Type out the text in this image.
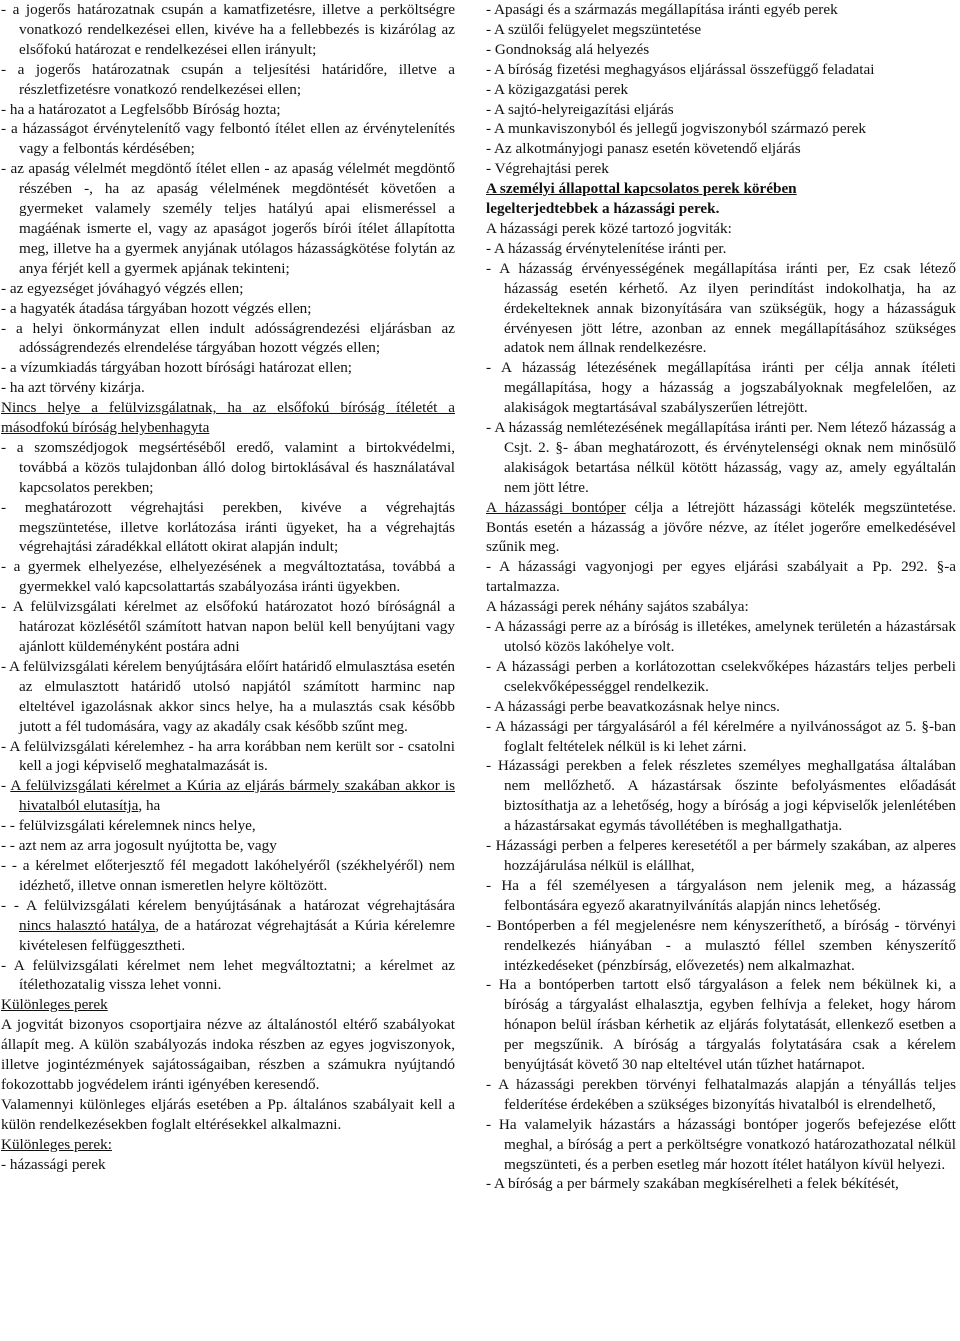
- a jogerős határozatnak csupán a kamatfizetésre, illetve a perköltségre vonatkozó rendelkezései ellen, kivéve ha a fellebbezés is kizárólag az elsőfokú határozat e rendelkezései ellen irányult;

- a jogerős határozatnak csupán a teljesítési határidőre, illetve a részletfizetésre vonatkozó rendelkezései ellen;

- ha a határozatot a Legfelsőbb Bíróság hozta;

- a házasságot érvénytelenítő vagy felbontó ítélet ellen az érvénytelenítés vagy a felbontás kérdésében;

- az apaság vélelmét megdöntő ítélet ellen - az apaság vélelmét megdöntő részében -, ha az apaság vélelmének megdöntését követően a gyermeket valamely személy teljes hatályú apai elismeréssel a magáénak ismerte el, vagy az apaságot jogerős bírói ítélet állapította meg, illetve ha a gyermek anyjának utólagos házasságkötése folytán az anya férjét kell a gyermek apjának tekinteni;

- az egyezséget jóváhagyó végzés ellen;

- a hagyaték átadása tárgyában hozott végzés ellen;

- a helyi önkormányzat ellen indult adósságrendezési eljárásban az adósságrendezés elrendelése tárgyában hozott végzés ellen;

- a vízumkiadás tárgyában hozott bírósági határozat ellen;

- ha azt törvény kizárja.

Nincs helye a felülvizsgálatnak, ha az elsőfokú bíróság ítéletét a másodfokú bíróság helybenhagyta

- a szomszédjogok megsértéséből eredő, valamint a birtokvédelmi, továbbá a közös tulajdonban álló dolog birtoklásával és használatával kapcsolatos perekben;

- meghatározott végrehajtási perekben, kivéve a végrehajtás megszüntetése, illetve korlátozása iránti ügyeket, ha a végrehajtás végrehajtási záradékkal ellátott okirat alapján indult;

- a gyermek elhelyezése, elhelyezésének a megváltoztatása, továbbá a gyermekkel való kapcsolattartás szabályozása iránti ügyekben.

- A felülvizsgálati kérelmet az elsőfokú határozatot hozó bíróságnál a határozat közlésétől számított hatvan napon belül kell benyújtani vagy ajánlott küldeményként postára adni

- A felülvizsgálati kérelem benyújtására előírt határidő elmulasztása esetén az elmulasztott határidő utolsó napjától számított harminc nap elteltével igazolásnak akkor sincs helye, ha a mulasztás csak később jutott a fél tudomására, vagy az akadály csak később szűnt meg.

- A felülvizsgálati kérelemhez - ha arra korábban nem került sor - csatolni kell a jogi képviselő meghatalmazását is.

- A felülvizsgálati kérelmet a Kúria az eljárás bármely szakában akkor is hivatalból elutasítja, ha

- - felülvizsgálati kérelemnek nincs helye,

- - azt nem az arra jogosult nyújtotta be, vagy

- - a kérelmet előterjesztő fél megadott lakóhelyéről (székhelyéről) nem idézhető, illetve onnan ismeretlen helyre költözött.

- - A felülvizsgálati kérelem benyújtásának a határozat végrehajtására nincs halasztó hatálya, de a határozat végrehajtását a Kúria kérelemre kivételesen felfüggesztheti.

- A felülvizsgálati kérelmet nem lehet megváltoztatni; a kérelmet az ítélethozatalig vissza lehet vonni.

Különleges perek

A jogvitát bizonyos csoportjaira nézve az általánostól eltérő szabályokat állapít meg. A külön szabályozás indoka részben az egyes jogviszonyok, illetve jogintézmények sajátosságaiban, részben a számukra nyújtandó fokozottabb jogvédelem iránti igényében keresendő.

Valamennyi különleges eljárás esetében a Pp. általános szabályait kell a külön rendelkezésekben foglalt eltérésekkel alkalmazni.

Különleges perek:

- házassági perek

- Apasági és a származás megállapítása iránti egyéb perek

- A szülői felügyelet megszüntetése

- Gondnokság alá helyezés

- A bíróság fizetési meghagyásos eljárással összefüggő feladatai

- A közigazgatási perek

- A sajtó-helyreigazítási eljárás

- A munkaviszonyból és jellegű jogviszonyból származó perek

- Az alkotmányjogi panasz esetén követendő eljárás

- Végrehajtási perek

A személyi állapottal kapcsolatos perek körében
legelterjedtebbek a házassági perek.

A házassági perek közé tartozó jogviták:

- A házasság érvénytelenítése iránti per.

- A házasság érvényességének megállapítása iránti per, Ez csak létező házasság esetén kérhető. Az ilyen perindítást indokolhatja, ha az érdekelteknek annak bizonyítására van szükségük, hogy a házasságuk érvényesen jött létre, azonban az ennek megállapításához szükséges adatok nem állnak rendelkezésre.

- A házasság létezésének megállapítása iránti per célja annak ítéleti megállapítása, hogy a házasság a jogszabályoknak megfelelően, az alakiságok megtartásával szabályszerűen létrejött.

- A házasság nemlétezésének megállapítása iránti per. Nem létező házasság a Csjt. 2. §- ában meghatározott, és érvénytelenségi oknak nem minősülő alakiságok betartása nélkül kötött házasság, vagy az, amely egyáltalán nem jött létre.

A házassági bontóper célja a létrejött házassági kötelék megszüntetése. Bontás esetén a házasság a jövőre nézve, az ítélet jogerőre emelkedésével szűnik meg.

- A házassági vagyonjogi per egyes eljárási szabályait a Pp. 292. §-a tartalmazza.

A házassági perek néhány sajátos szabálya:

- A házassági perre az a bíróság is illetékes, amelynek területén a házastársak utolsó közös lakóhelye volt.

- A házassági perben a korlátozottan cselekvőképes házastárs teljes perbeli cselekvőképességgel rendelkezik.

- A házassági perbe beavatkozásnak helye nincs.

- A házassági per tárgyalásáról a fél kérelmére a nyilvánosságot az 5. §-ban foglalt feltételek nélkül is ki lehet zárni.

- Házassági perekben a felek részletes személyes meghallgatása általában nem mellőzhető. A házastársak őszinte befolyásmentes előadását biztosíthatja az a lehetőség, hogy a bíróság a jogi képviselők jelenlétében a házastársakat egymás távollétében is meghallgathatja.

- Házassági perben a felperes keresetétől a per bármely szakában, az alperes hozzájárulása nélkül is elállhat,

- Ha a fél személyesen a tárgyaláson nem jelenik meg, a házasság felbontására egyező akaratnyilvánítás alapján nincs lehetőség.

- Bontóperben a fél megjelenésre nem kényszeríthető, a bíróság - törvényi rendelkezés hiányában - a mulasztó féllel szemben kényszerítő intézkedéseket (pénzbírság, elővezetés) nem alkalmazhat.

- Ha a bontóperben tartott első tárgyaláson a felek nem békülnek ki, a bíróság a tárgyalást elhalasztja, egyben felhívja a feleket, hogy három hónapon belül írásban kérhetik az eljárás folytatását, ellenkező esetben a per megszűnik. A bíróság a tárgyalás folytatására csak a kérelem benyújtását követő 30 nap elteltével után tűzhet határnapot.

- A házassági perekben törvényi felhatalmazás alapján a tényállás teljes felderítése érdekében a szükséges bizonyítás hivatalból is elrendelhető,

- Ha valamelyik házastárs a házassági bontóper jogerős befejezése előtt meghal, a bíróság a pert a perköltségre vonatkozó határozathozatal nélkül megszünteti, és a perben esetleg már hozott ítélet hatályon kívül helyezi.

- A bíróság a per bármely szakában megkísérelheti a felek békítését,
